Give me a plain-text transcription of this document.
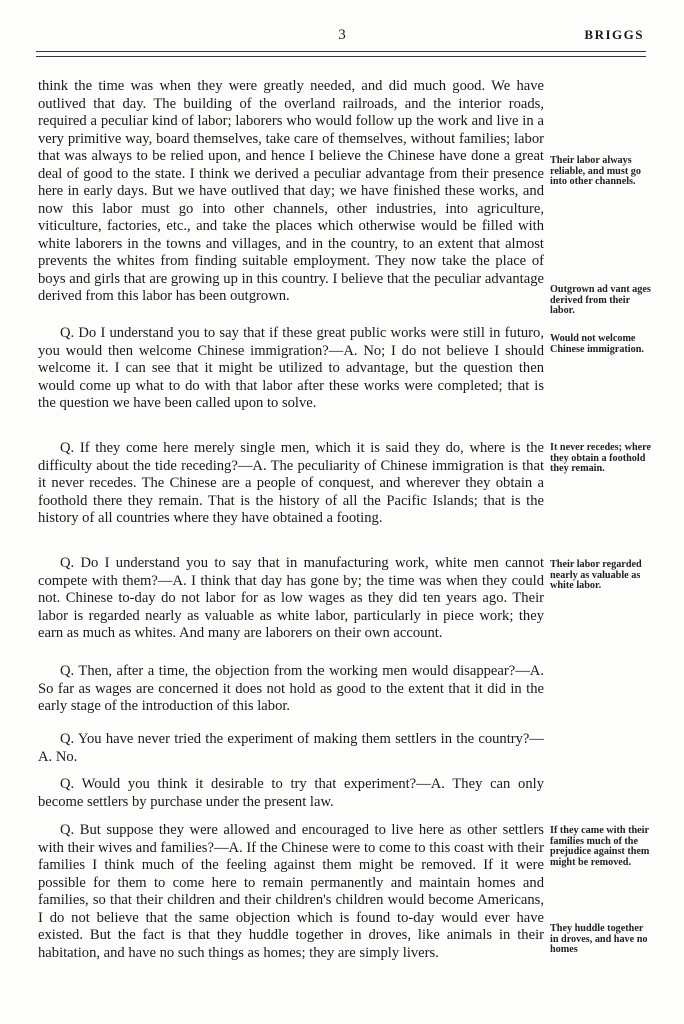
3	BRIGGS

think the time was when they were greatly needed, and did much good. We have outlived that day. The building of the overland railroads, and the interior roads, required a peculiar kind of labor; laborers who would follow up the work and live in a very primitive way, board themselves, take care of themselves, without families; labor that was always to be relied upon, and hence I believe the Chinese have done a great deal of good to the state. I think we derived a peculiar advantage from their presence here in early days. But we have outlived that day; we have finished these works, and now this labor must go into other channels, other industries, into agriculture, viticulture, factories, etc., and take the places which otherwise would be filled with white laborers in the towns and villages, and in the country, to an extent that almost prevents the whites from finding suitable employment. They now take the place of boys and girls that are growing up in this country. I believe that the peculiar advantage derived from this labor has been outgrown.

Q. Do I understand you to say that if these great public works were still in futuro, you would then welcome Chinese immigration?—A. No; I do not believe I should welcome it. I can see that it might be utilized to advantage, but the question then would come up what to do with that labor after these works were completed; that is the question we have been called upon to solve.

Q. If they come here merely single men, which it is said they do, where is the difficulty about the tide receding?—A. The peculiarity of Chinese immigration is that it never recedes. The Chinese are a people of conquest, and wherever they obtain a foothold there they remain. That is the history of all the Pacific Islands; that is the history of all countries where they have obtained a footing.

Q. Do I understand you to say that in manufacturing work, white men cannot compete with them?—A. I think that day has gone by; the time was when they could not. Chinese to-day do not labor for as low wages as they did ten years ago. Their labor is regarded nearly as valuable as white labor, particularly in piece work; they earn as much as whites. And many are laborers on their own account.

Q. Then, after a time, the objection from the working men would disappear?—A. So far as wages are concerned it does not hold as good to the extent that it did in the early stage of the introduction of this labor.

Q. You have never tried the experiment of making them settlers in the country?—A. No.

Q. Would you think it desirable to try that experiment?—A. They can only become settlers by purchase under the present law.

Q. But suppose they were allowed and encouraged to live here as other settlers with their wives and families?—A. If the Chinese were to come to this coast with their families I think much of the feeling against them might be removed. If it were possible for them to come here to remain permanently and maintain homes and families, so that their children and their children's children would become Americans, I do not believe that the same objection which is found to-day would ever have existed. But the fact is that they huddle together in droves, like animals in their habitation, and have no such things as homes; they are simply livers.

Their labor always reliable, and must go into other channels.
Outgrown ad vant ages derived from their labor.
Would not welcome Chinese immigration.
It never recedes; where they obtain a foothold they remain.
Their labor regarded nearly as valuable as white labor.
If they came with their families much of the prejudice against them might be removed.
They huddle together in droves, and have no homes
